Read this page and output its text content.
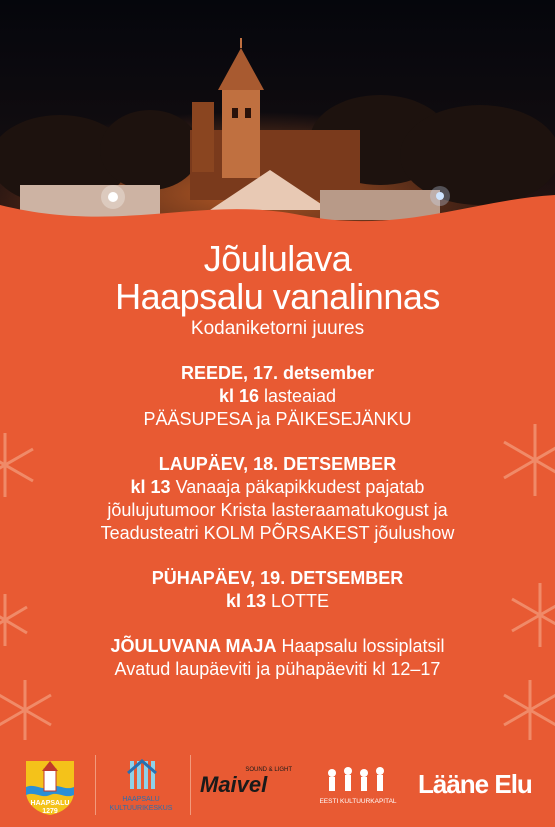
Jõululava
Haapsalu vanalinnas
Kodaniketorni juures
REEDE, 17. detsember
kl 16 lasteaiad
PÄÄSUPESA ja PÄIKESEJÄNKU
LAUPÄEV, 18. DETSEMBER
kl 13 Vanaaja päkapikkudest pajatab
jõulujutumoor Krista lasteraamatukogust ja
Teadusteatri KOLM PÕRSAKEST jõulushow
PÜHAPÄEV, 19. DETSEMBER
kl 13 LOTTE
JÕULUVANA MAJA Haapsalu lossiplatsil
Avatud laupäeviti ja pühapäeviti kl 12–17
HAAPSALU
1279
HAAPSALU
KULTUURIKESKUS
SOUND & LIGHT
Maivel
EESTI KULTUURKAPITAL
Lääne Elu
